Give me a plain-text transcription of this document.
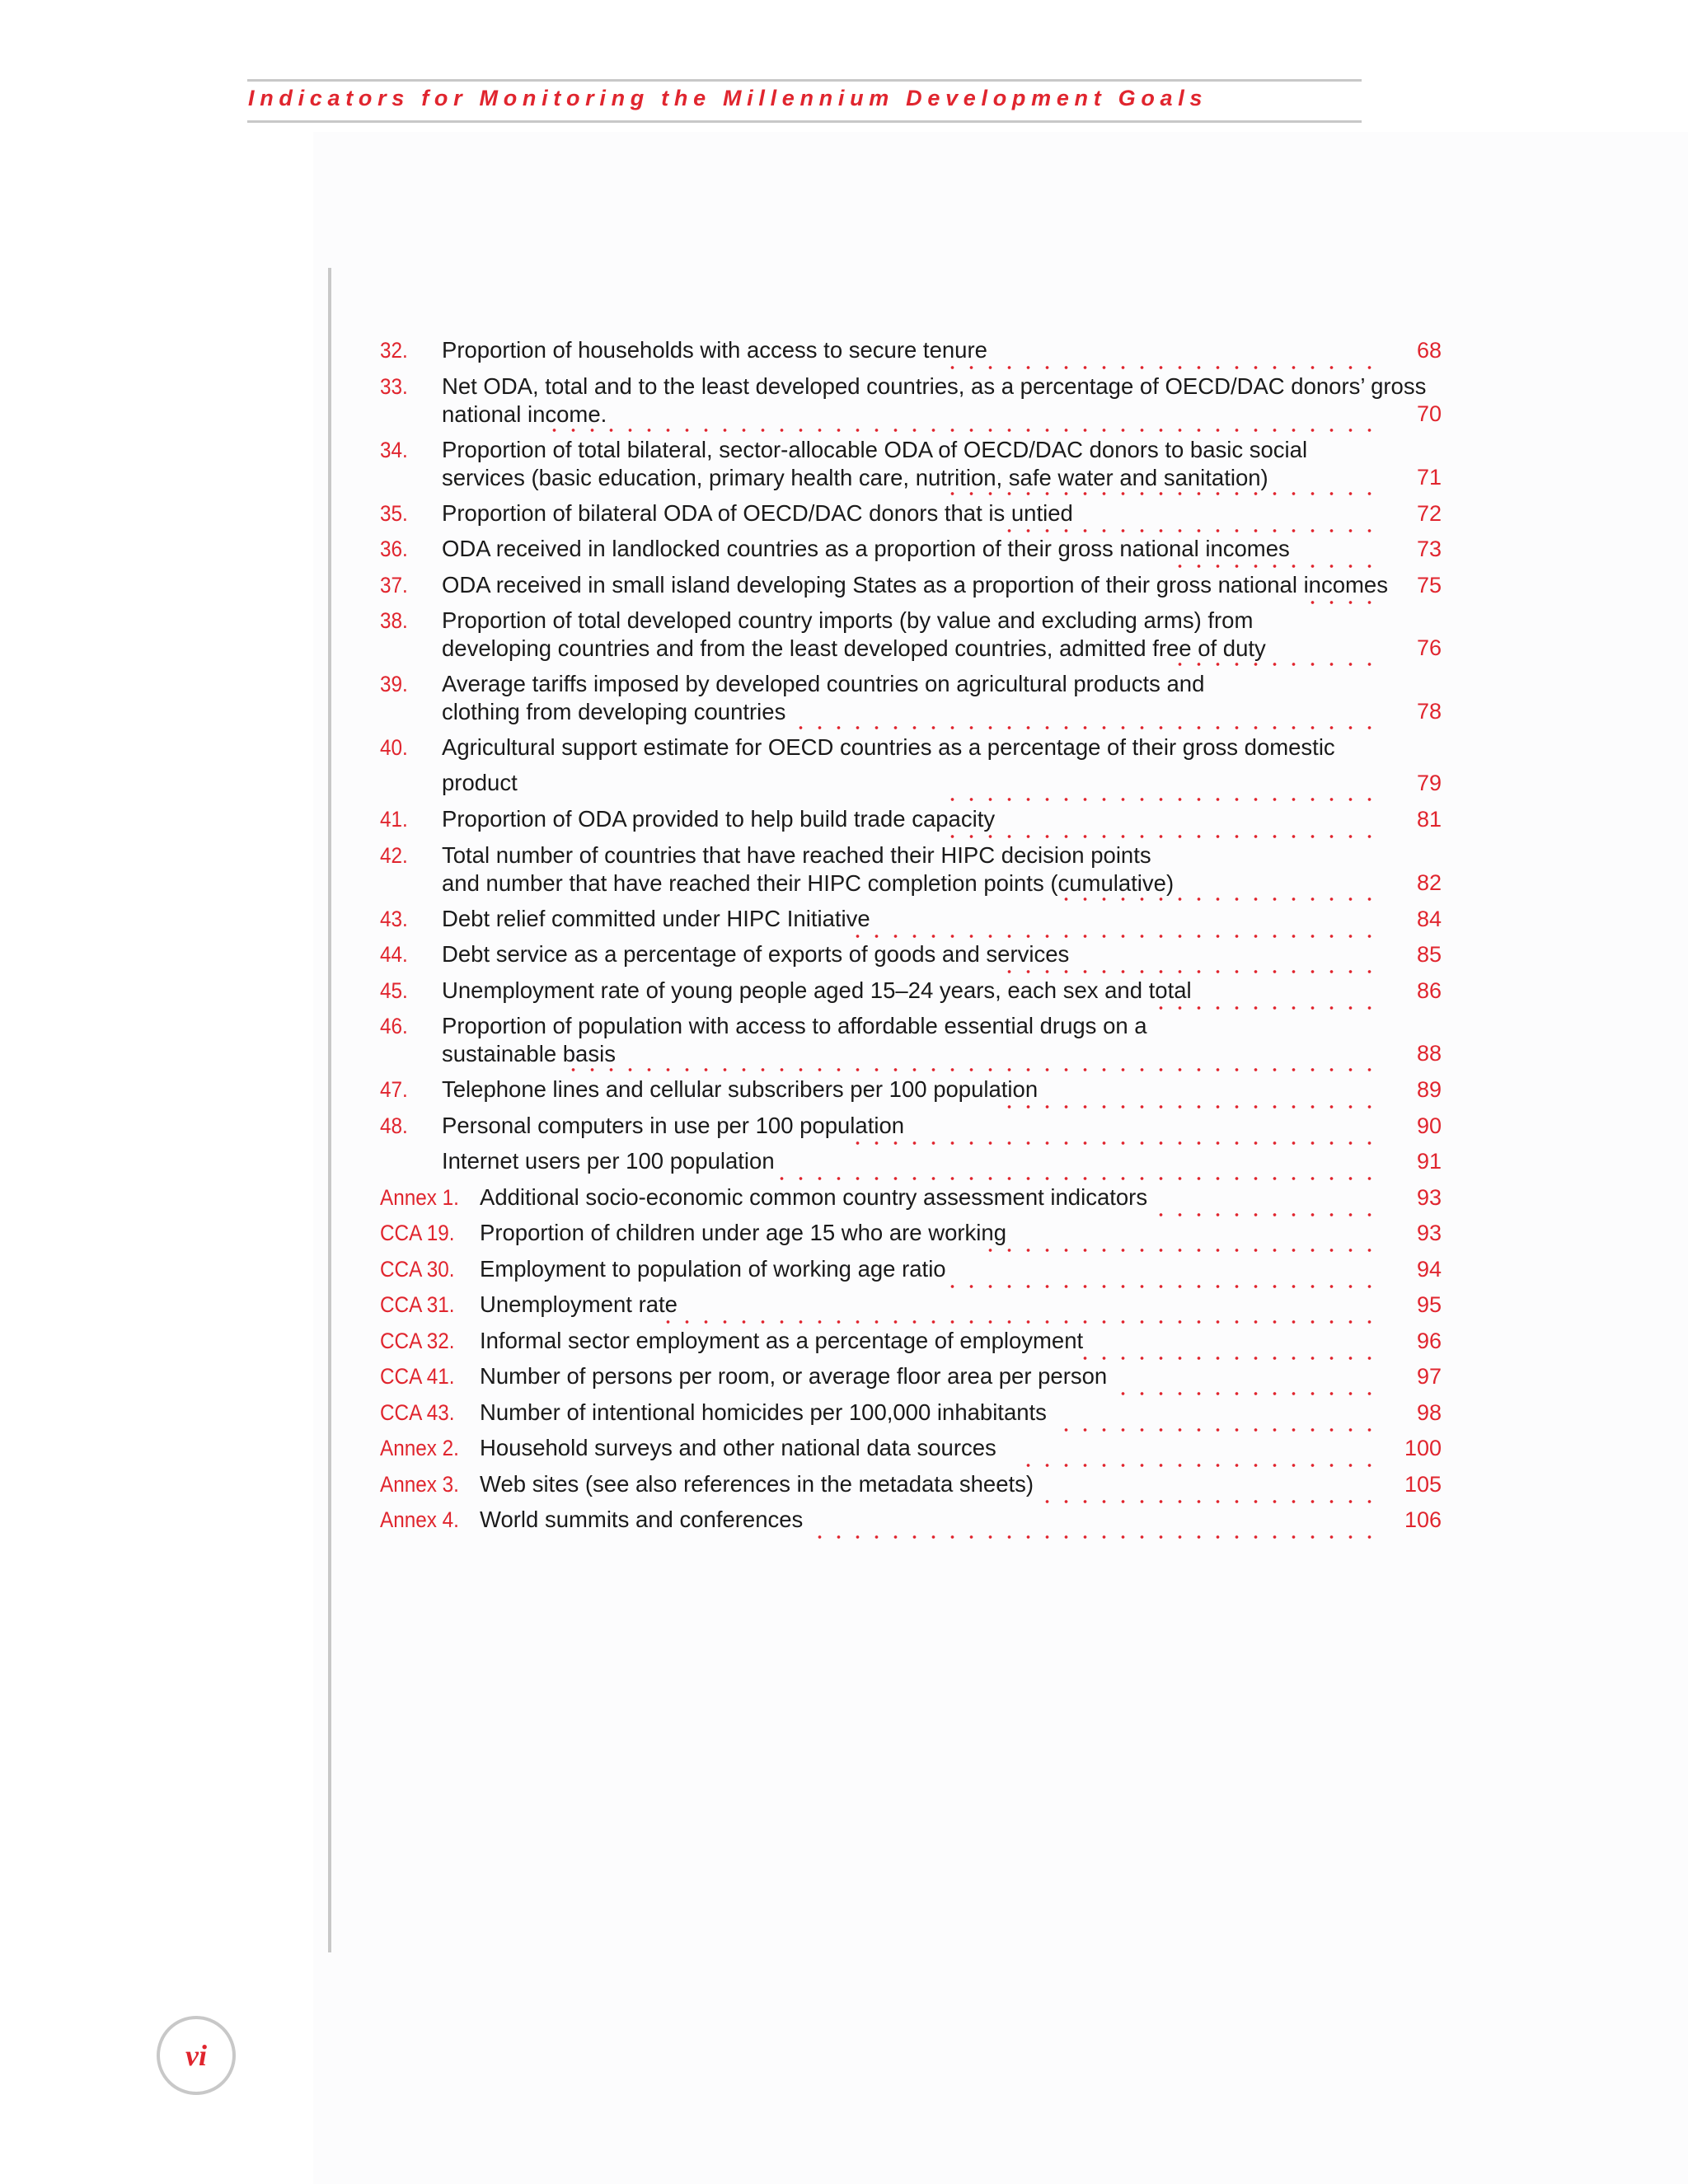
Indicators for Monitoring the Millennium Development Goals
32. Proportion of households with access to secure tenure	68
33. Net ODA, total and to the least developed countries, as a percentage of OECD/DAC donors’ gross
national income.	70
34. Proportion of total bilateral, sector-allocable ODA of OECD/DAC donors to basic social
services (basic education, primary health care, nutrition, safe water and sanitation)	71
35. Proportion of bilateral ODA of OECD/DAC donors that is untied	72
36. ODA received in landlocked countries as a proportion of their gross national incomes	73
37. ODA received in small island developing States as a proportion of their gross national incomes	75
38. Proportion of total developed country imports (by value and excluding arms) from
developing countries and from the least developed countries, admitted free of duty	76
39. Average tariffs imposed by developed countries on agricultural products and
clothing from developing countries	78
40. Agricultural support estimate for OECD countries as a percentage of their gross domestic
product	79
41. Proportion of ODA provided to help build trade capacity	81
42. Total number of countries that have reached their HIPC decision points
and number that have reached their HIPC completion points (cumulative)	82
43. Debt relief committed under HIPC Initiative	84
44. Debt service as a percentage of exports of goods and services	85
45. Unemployment rate of young people aged 15–24 years, each sex and total	86
46. Proportion of population with access to affordable essential drugs on a
sustainable basis	88
47. Telephone lines and cellular subscribers per 100 population	89
48. Personal computers in use per 100 population	90
Internet users per 100 population	91
Annex 1. Additional socio-economic common country assessment indicators	93
CCA 19. Proportion of children under age 15 who are working	93
CCA 30. Employment to population of working age ratio	94
CCA 31. Unemployment rate	95
CCA 32. Informal sector employment as a percentage of employment	96
CCA 41. Number of persons per room, or average floor area per person	97
CCA 43. Number of intentional homicides per 100,000 inhabitants	98
Annex 2. Household surveys and other national data sources	100
Annex 3. Web sites (see also references in the metadata sheets)	105
Annex 4. World summits and conferences	106
vi
